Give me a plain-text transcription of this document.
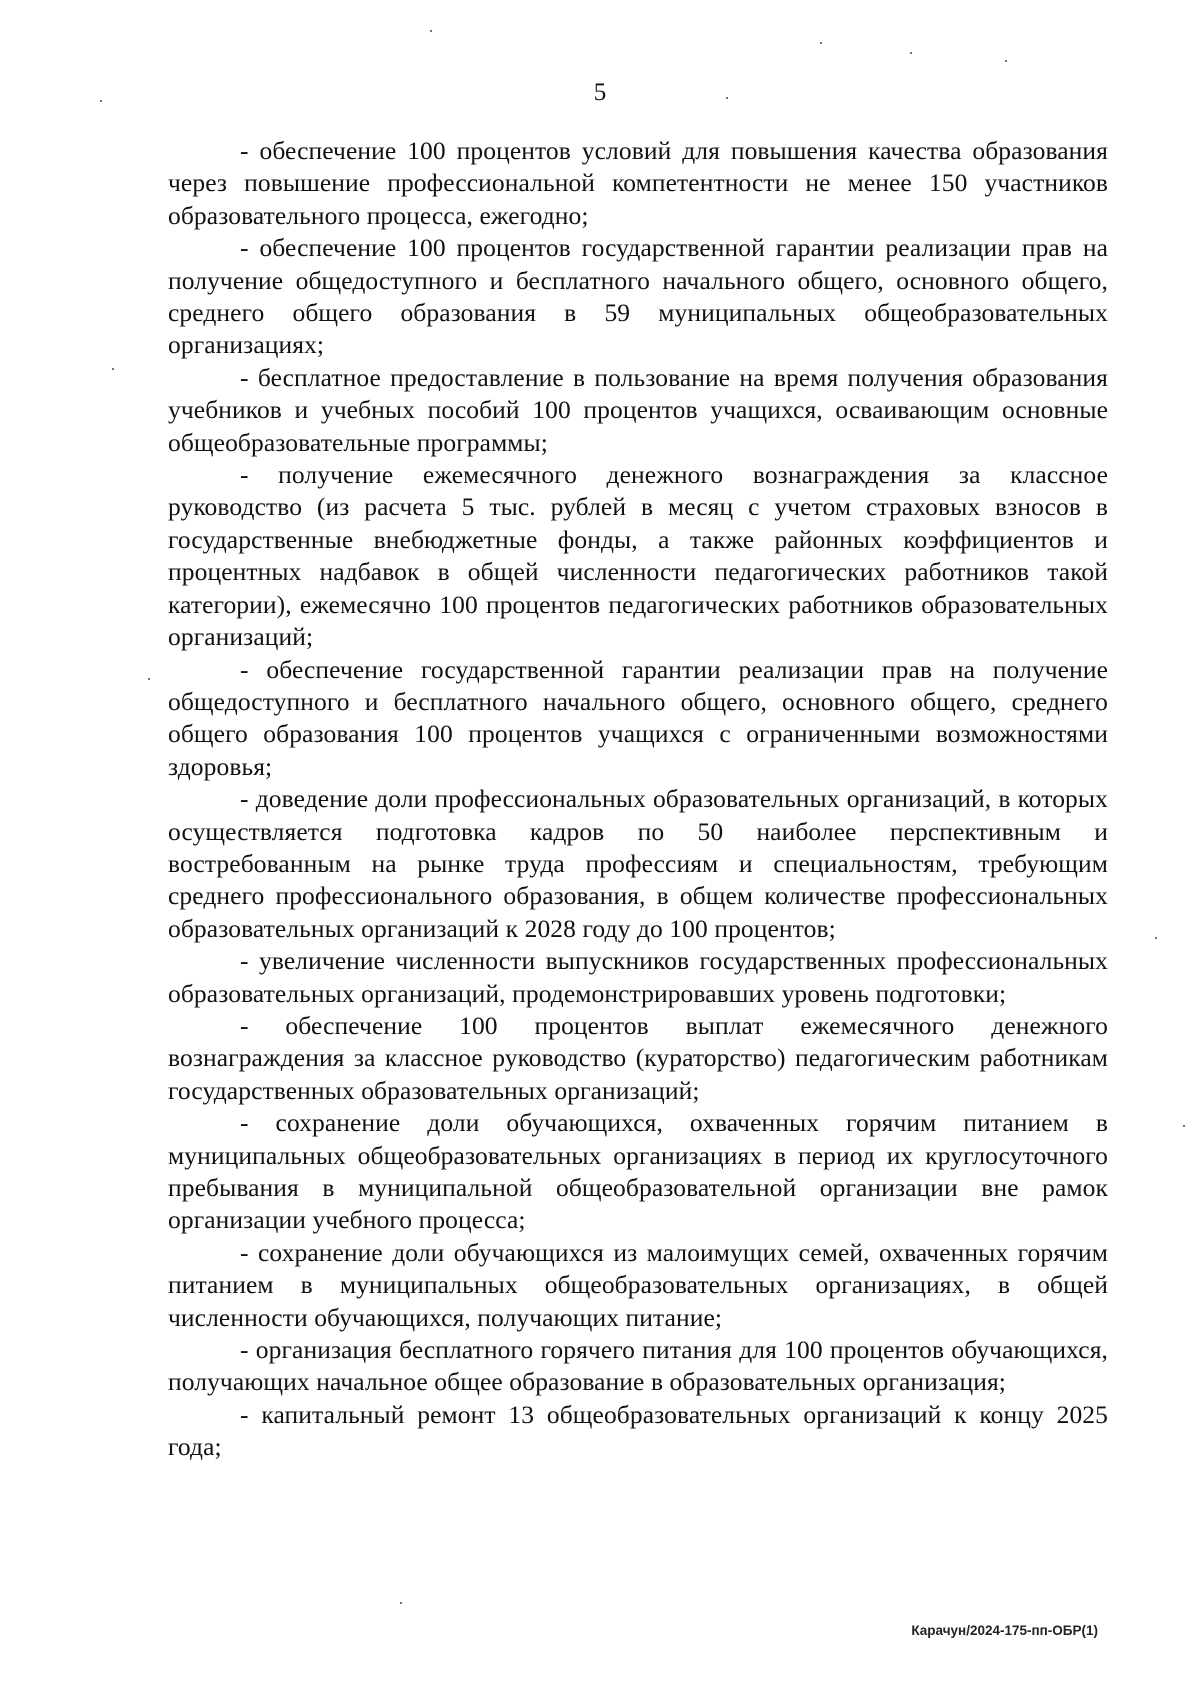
5

- обеспечение 100 процентов условий для повышения качества образования через повышение профессиональной компетентности не менее 150 участников образовательного процесса, ежегодно;

- обеспечение 100 процентов государственной гарантии реализации прав на получение общедоступного и бесплатного начального общего, основного общего, среднего общего образования в 59 муниципальных общеобразовательных организациях;

- бесплатное предоставление в пользование на время получения образования учебников и учебных пособий 100 процентов учащихся, осваивающим основные общеобразовательные программы;

- получение ежемесячного денежного вознаграждения за классное руководство (из расчета 5 тыс. рублей в месяц с учетом страховых взносов в государственные внебюджетные фонды, а также районных коэффициентов и процентных надбавок в общей численности педагогических работников такой категории), ежемесячно 100 процентов педагогических работников образовательных организаций;

- обеспечение государственной гарантии реализации прав на получение общедоступного и бесплатного начального общего, основного общего, среднего общего образования 100 процентов учащихся с ограниченными возможностями здоровья;

- доведение доли профессиональных образовательных организаций, в которых осуществляется подготовка кадров по 50 наиболее перспективным и востребованным на рынке труда профессиям и специальностям, требующим среднего профессионального образования, в общем количестве профессиональных образовательных организаций к 2028 году до 100 процентов;

- увеличение численности выпускников государственных профессиональных образовательных организаций, продемонстрировавших уровень подготовки;

- обеспечение 100 процентов выплат ежемесячного денежного вознаграждения за классное руководство (кураторство) педагогическим работникам государственных образовательных организаций;

- сохранение доли обучающихся, охваченных горячим питанием в муниципальных общеобразовательных организациях в период их круглосуточного пребывания в муниципальной общеобразовательной организации вне рамок организации учебного процесса;

- сохранение доли обучающихся из малоимущих семей, охваченных горячим питанием в муниципальных общеобразовательных организациях, в общей численности обучающихся, получающих питание;

- организация бесплатного горячего питания для 100 процентов обучающихся, получающих начальное общее образование в образовательных организация;

- капитальный ремонт 13 общеобразовательных организаций к концу 2025 года;

Карачун/2024-175-пп-ОБР(1)
